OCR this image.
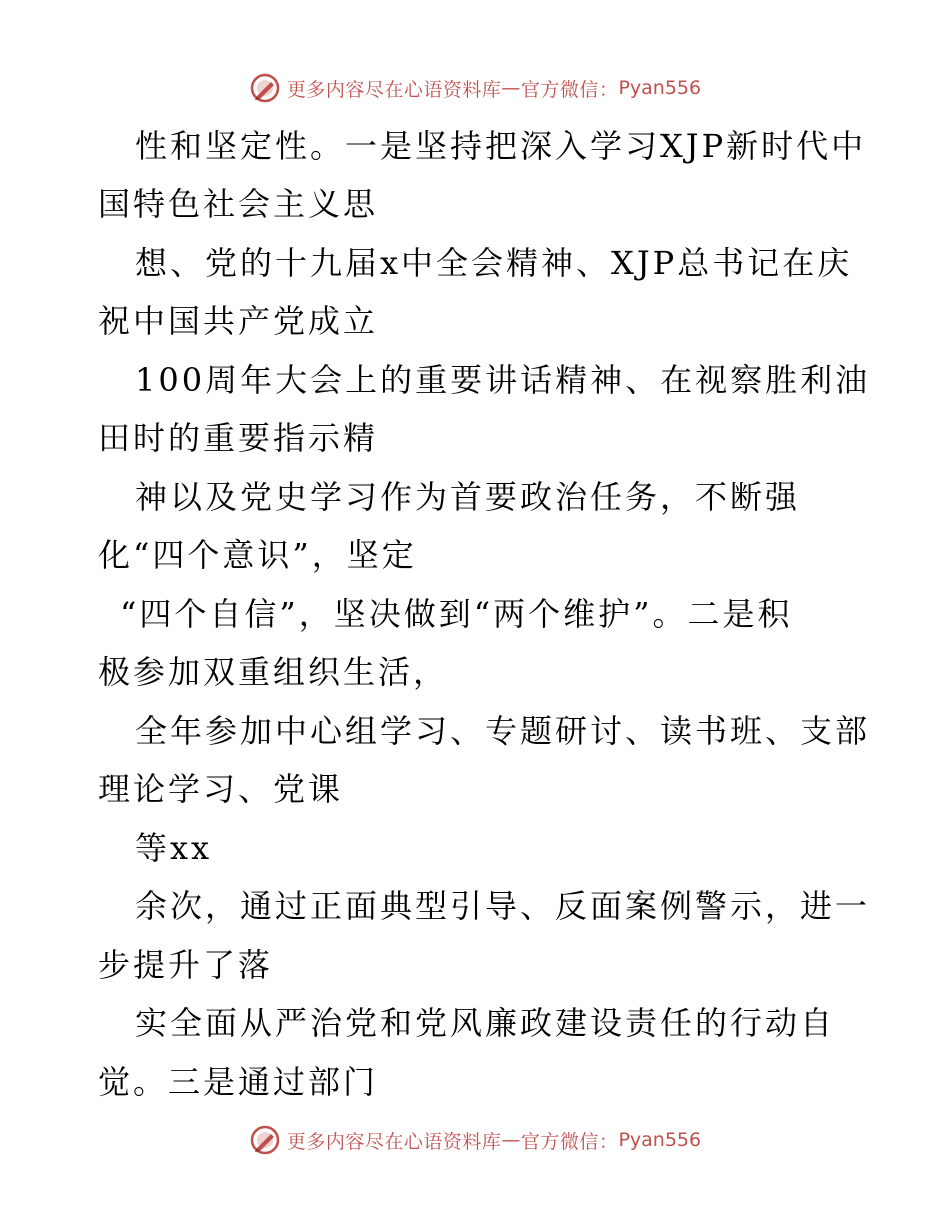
更多内容尽在心语资料库 — 官方微信： Pyan556
性和坚定性。一是坚持把深入学习XJP新时代中
国特色社会主义思
想、党的十九届x中全会精神、XJP总书记在庆
祝中国共产党成立
100周年大会上的重要讲话精神、在视察胜利油
田时的重要指示精
神以及党史学习作为首要政治任务，不断强
化“四个意识”，坚定
“四个自信”，坚决做到“两个维护”。二是积
极参加双重组织生活，
全年参加中心组学习、专题研讨、读书班、支部
理论学习、党课
等xx
余次，通过正面典型引导、反面案例警示，进一
步提升了落
实全面从严治党和党风廉政建设责任的行动自
觉。三是通过部门
更多内容尽在心语资料库 — 官方微信： Pyan556
